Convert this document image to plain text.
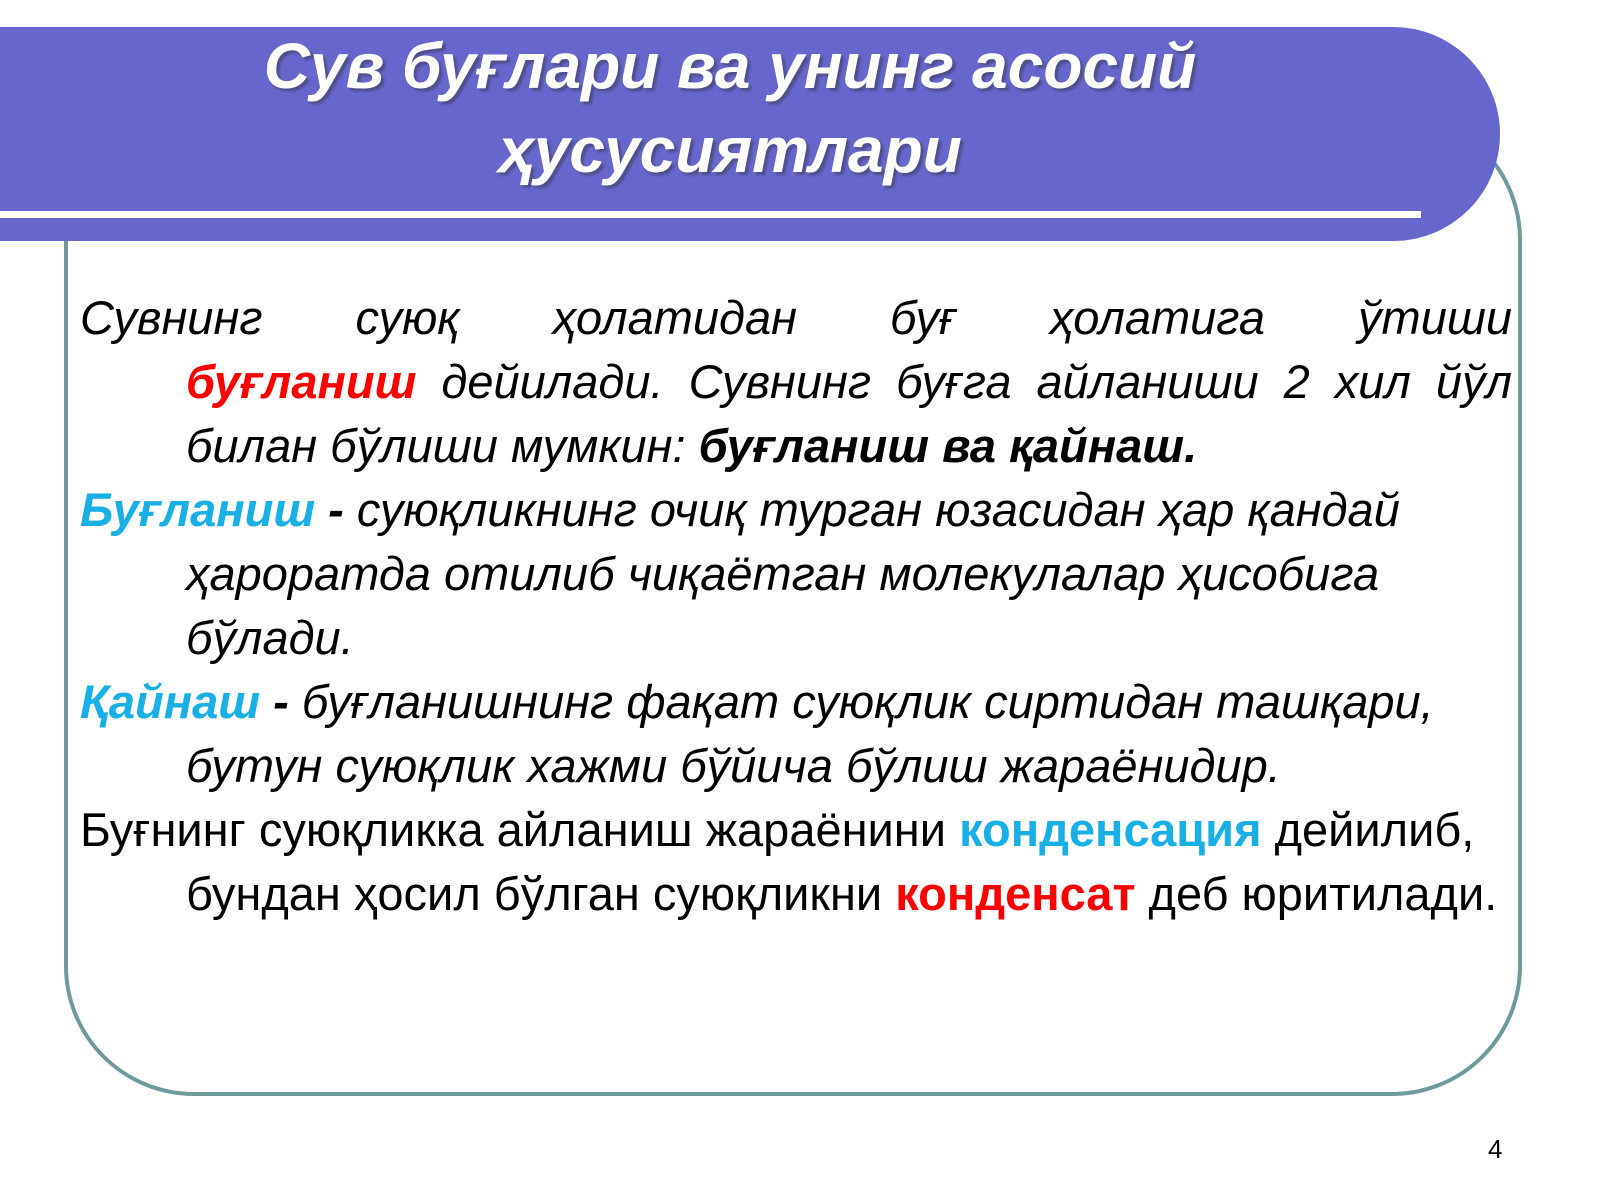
Сув буғлари ва унинг асосий
ҳусусиятлари

Сувнинг суюқ ҳолатидан буғ ҳолатига ўтиши
буғланиш дейилади. Сувнинг буғга айланиши 2 хил йўл билан бўлиши мумкин: буғланиш ва қайнаш.

Буғланиш - суюқликнинг очиқ турган юзасидан ҳар қандай ҳароратда отилиб чиқаётган молекулалар ҳисобига бўлади.

Қайнаш - буғланишнинг фақат суюқлик сиртидан ташқари, бутун суюқлик хажми бўйича бўлиш жараёнидир.

Буғнинг суюқликка айланиш жараёнини конденсация дейилиб, бундан ҳосил бўлган суюқликни конденсат деб юритилади.

4
